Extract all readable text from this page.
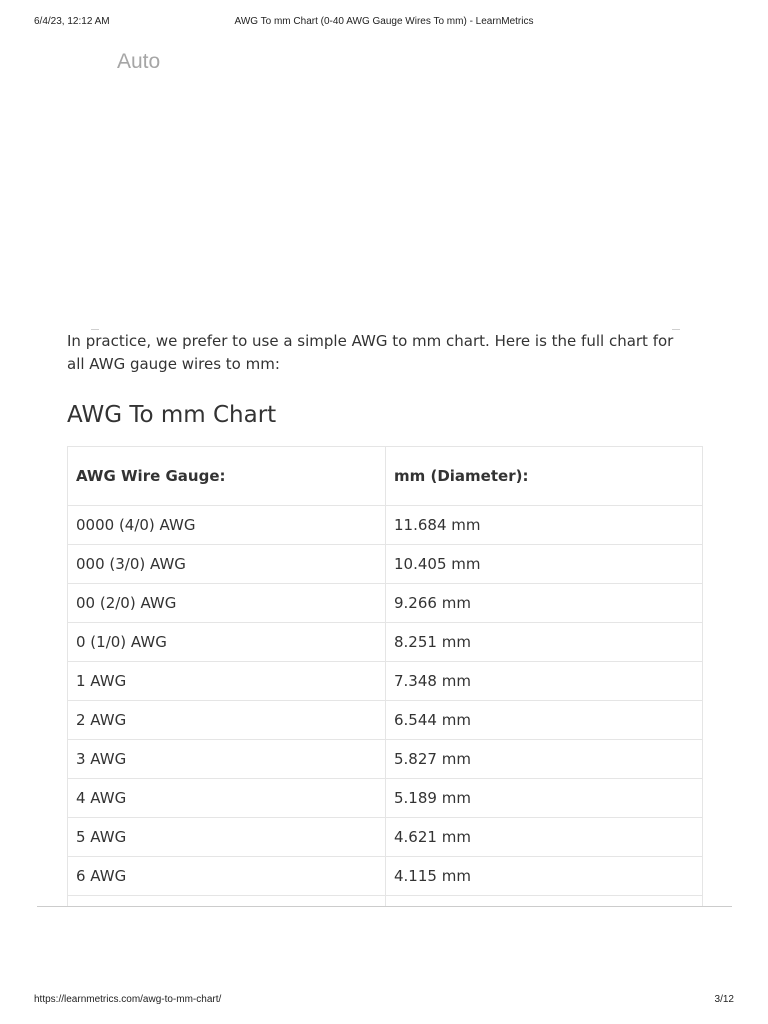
6/4/23, 12:12 AM	AWG To mm Chart (0-40 AWG Gauge Wires To mm) - LearnMetrics
Auto

In practice, we prefer to use a simple AWG to mm chart. Here is the full chart for all AWG gauge wires to mm:

AWG To mm Chart
AWG Wire Gauge:	mm (Diameter):
0000 (4/0) AWG	11.684 mm
000 (3/0) AWG	10.405 mm
00 (2/0) AWG	9.266 mm
0 (1/0) AWG	8.251 mm
1 AWG	7.348 mm
2 AWG	6.544 mm
3 AWG	5.827 mm
4 AWG	5.189 mm
5 AWG	4.621 mm
6 AWG	4.115 mm

https://learnmetrics.com/awg-to-mm-chart/	3/12
